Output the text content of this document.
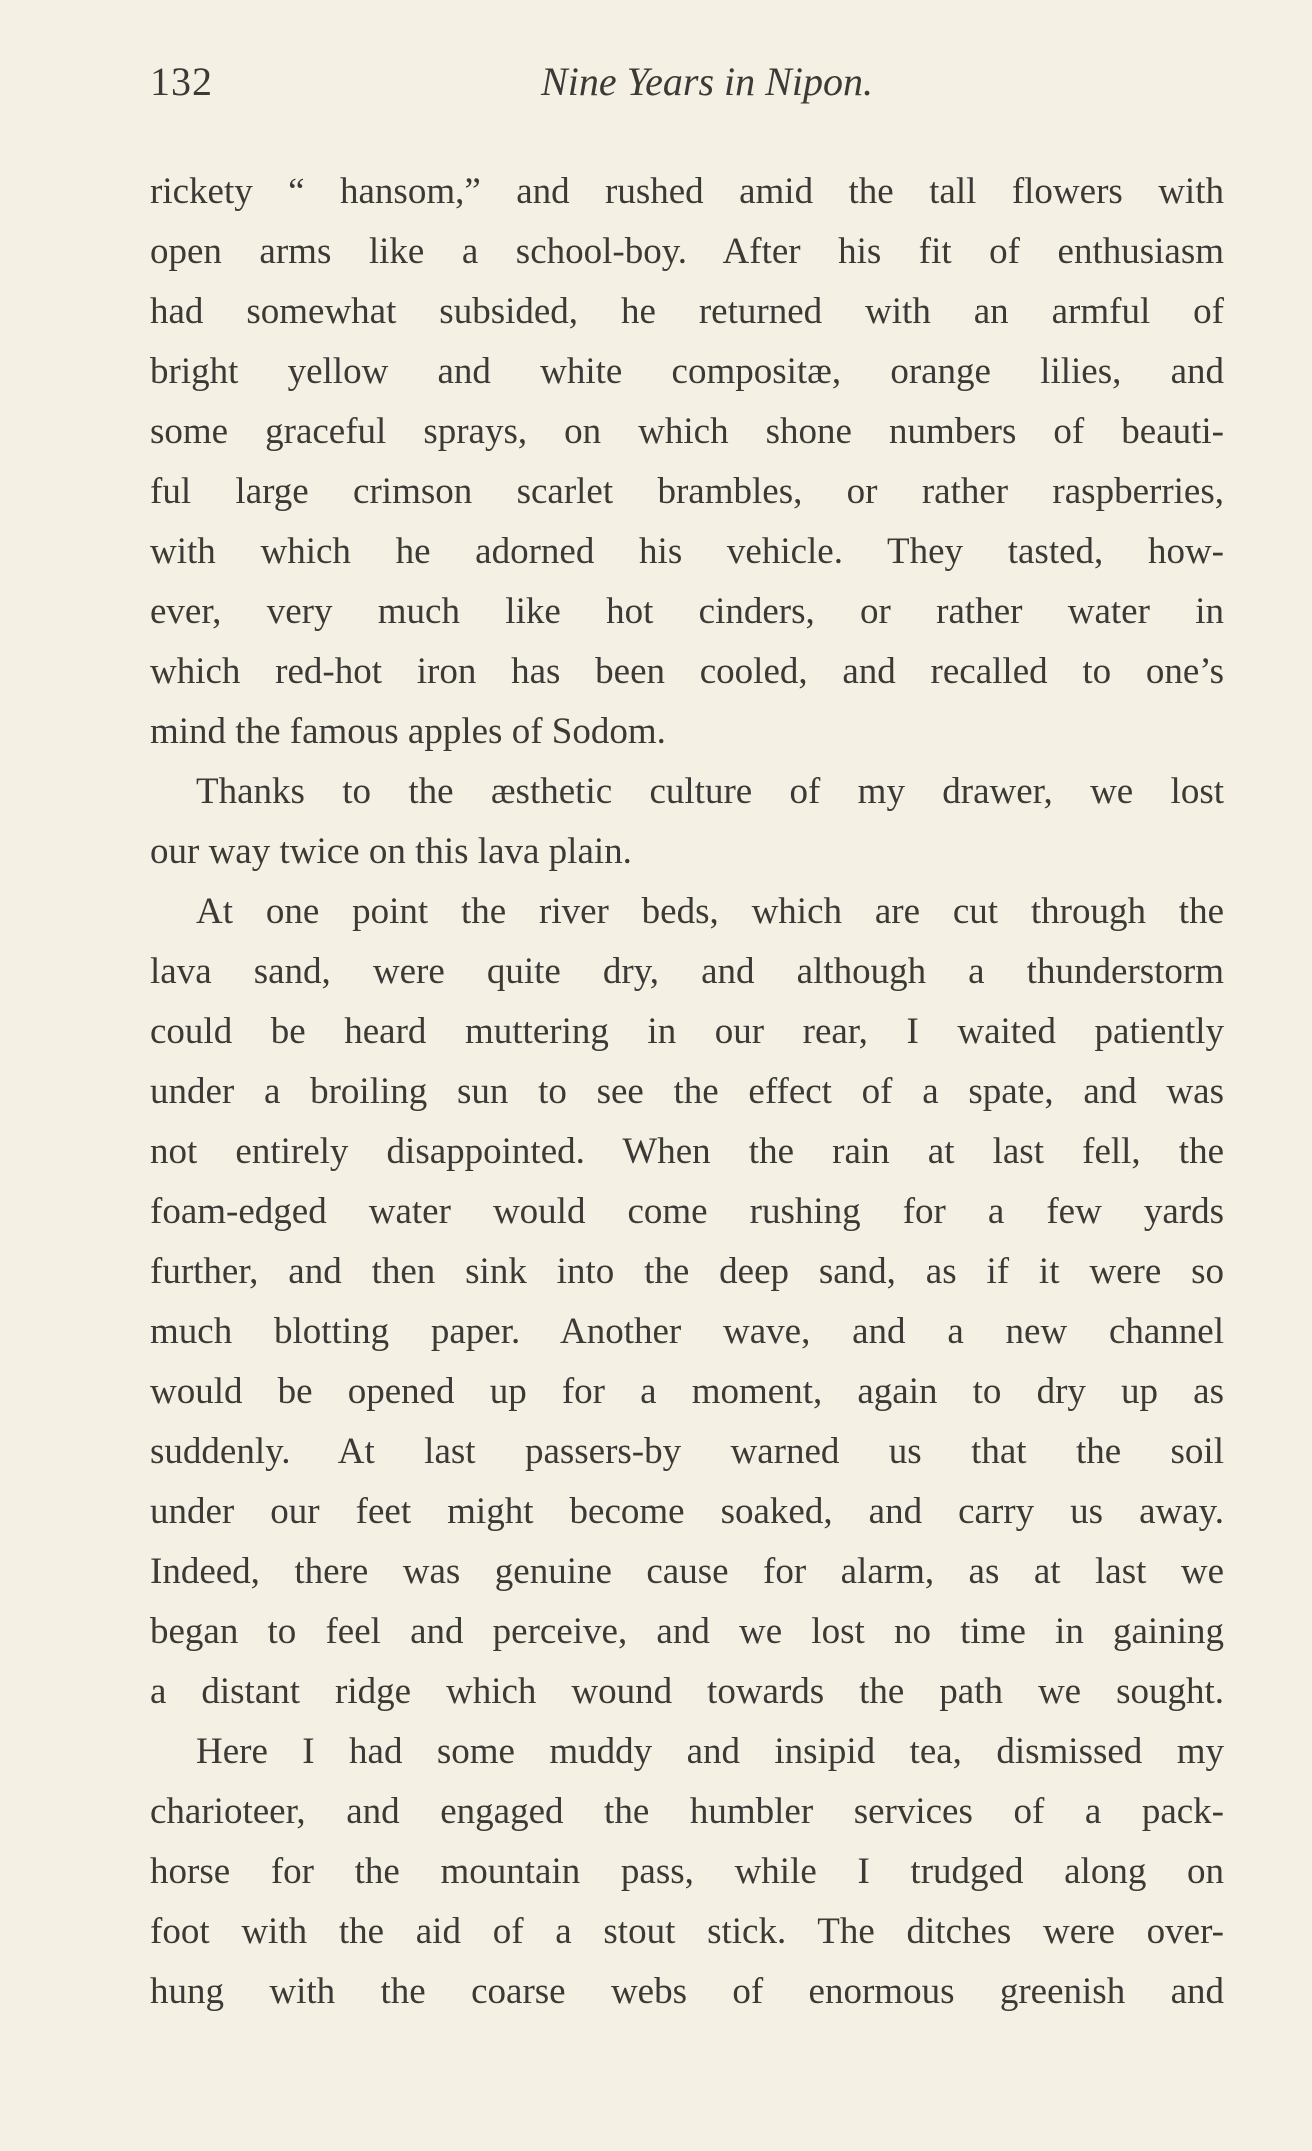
132	Nine Years in Nipon.
rickety “ hansom,” and rushed amid the tall flowers with
open arms like a school-boy. After his fit of enthusiasm
had somewhat subsided, he returned with an armful of
bright yellow and white compositæ, orange lilies, and
some graceful sprays, on which shone numbers of beauti-
ful large crimson scarlet brambles, or rather raspberries,
with which he adorned his vehicle. They tasted, how-
ever, very much like hot cinders, or rather water in
which red-hot iron has been cooled, and recalled to one’s
mind the famous apples of Sodom.
Thanks to the æsthetic culture of my drawer, we lost
our way twice on this lava plain.
At one point the river beds, which are cut through the
lava sand, were quite dry, and although a thunderstorm
could be heard muttering in our rear, I waited patiently
under a broiling sun to see the effect of a spate, and was
not entirely disappointed. When the rain at last fell, the
foam-edged water would come rushing for a few yards
further, and then sink into the deep sand, as if it were so
much blotting paper. Another wave, and a new channel
would be opened up for a moment, again to dry up as
suddenly. At last passers-by warned us that the soil
under our feet might become soaked, and carry us away.
Indeed, there was genuine cause for alarm, as at last we
began to feel and perceive, and we lost no time in gaining
a distant ridge which wound towards the path we sought.
Here I had some muddy and insipid tea, dismissed my
charioteer, and engaged the humbler services of a pack-
horse for the mountain pass, while I trudged along on
foot with the aid of a stout stick. The ditches were over-
hung with the coarse webs of enormous greenish and
